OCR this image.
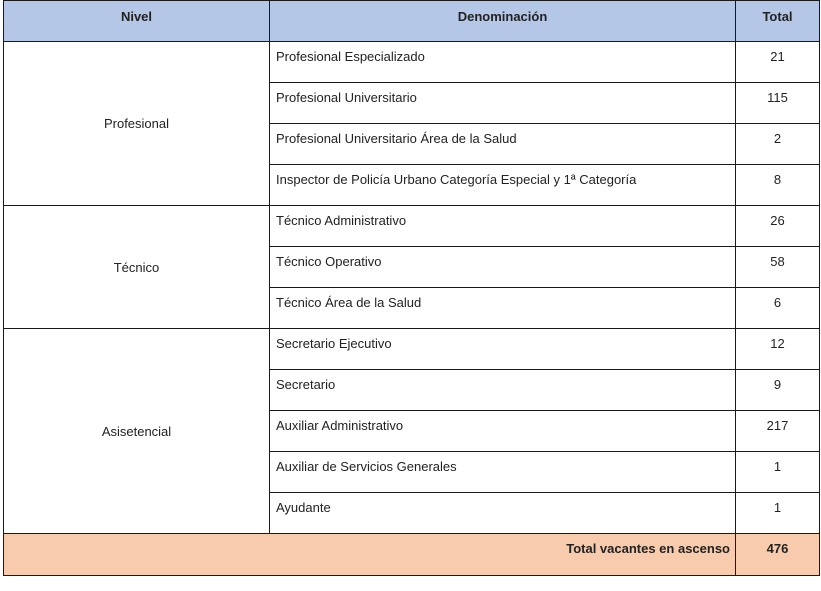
Nivel	Denominación	Total
Profesional	Profesional Especializado	21
	Profesional Universitario	115
	Profesional Universitario Área de la Salud	2
	Inspector de Policía Urbano Categoría Especial y 1ª Categoría	8
Técnico	Técnico Administrativo	26
	Técnico Operativo	58
	Técnico Área de la Salud	6
Asisetencial	Secretario Ejecutivo	12
	Secretario	9
	Auxiliar Administrativo	217
	Auxiliar de Servicios Generales	1
	Ayudante	1
Total vacantes en ascenso		476
